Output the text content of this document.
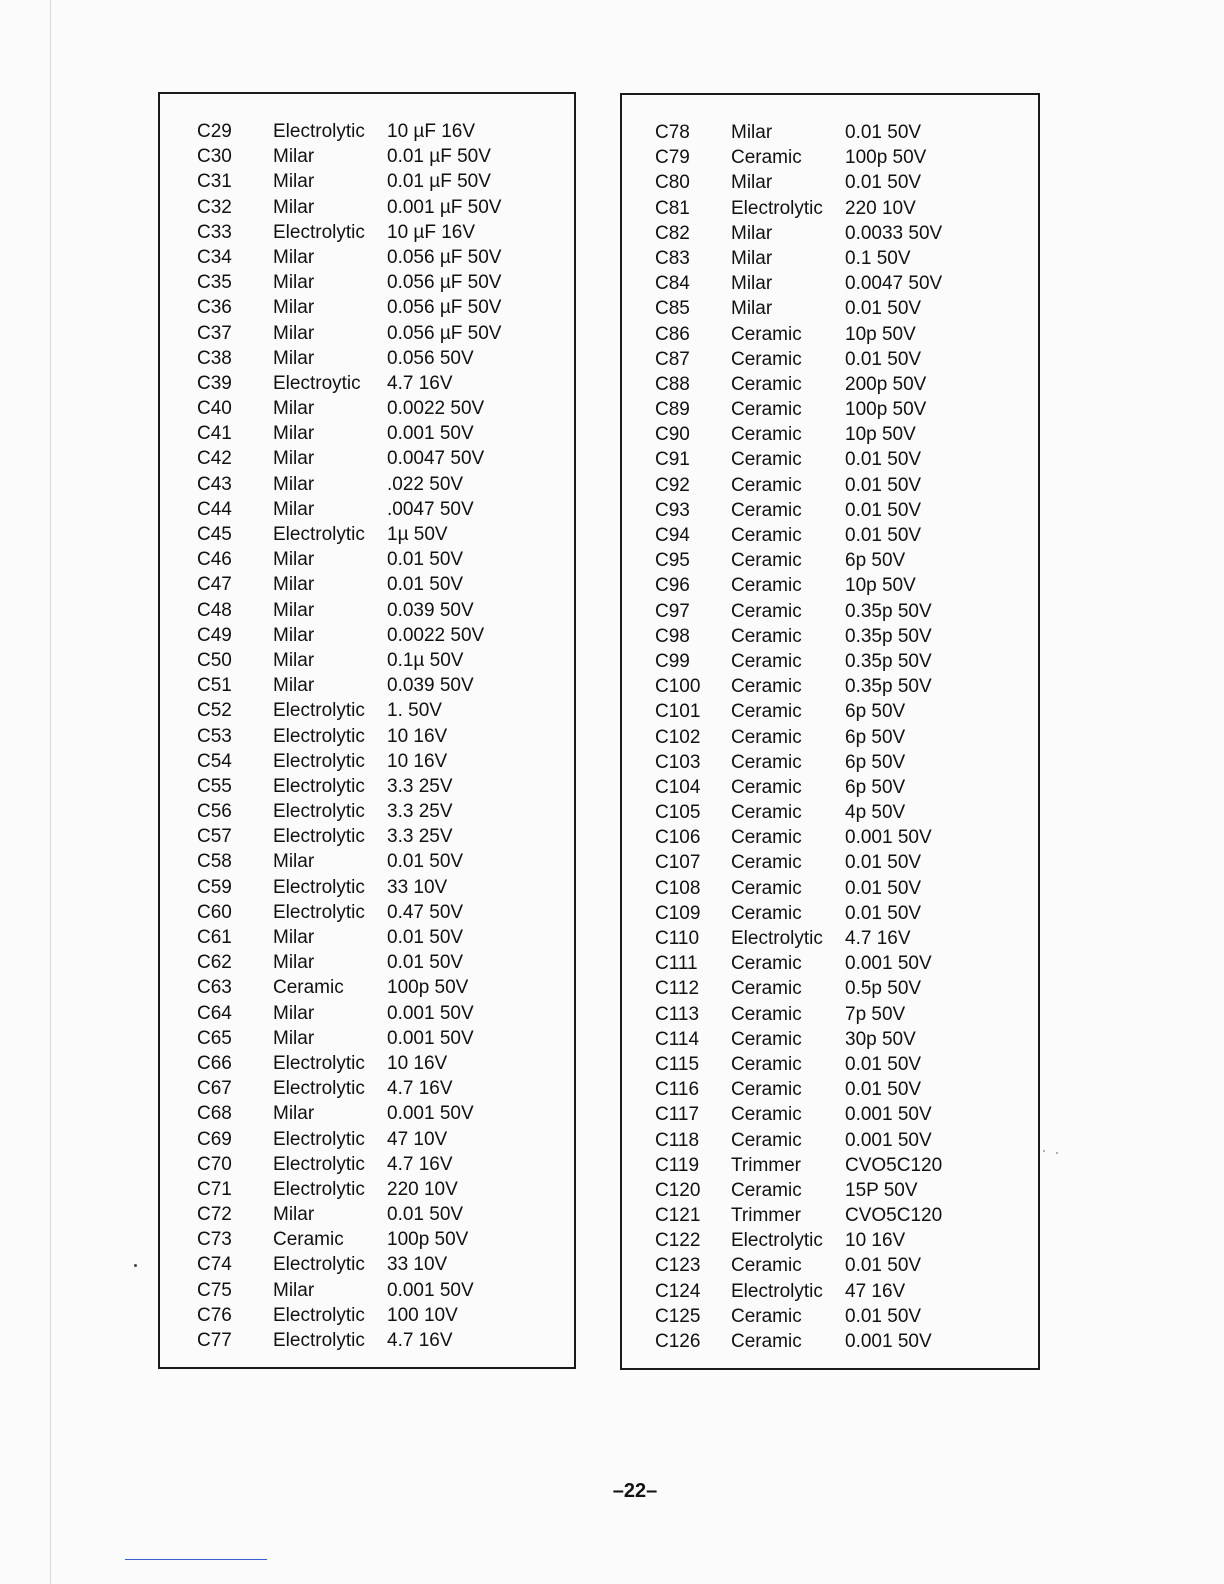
C29 Electrolytic 10 µF 16V
C30 Milar	0.01 µF 50V
C31 Milar	0.01 µF 50V
C32 Milar	0.001 µF 50V
C33 Electrolytic 10 µF 16V
C34 Milar	0.056 µF 50V
C35 Milar	0.056 µF 50V
C36 Milar	0.056 µF 50V
C37 Milar	0.056 µF 50V
C38 Milar	0.056 50V
C39 Electroytic 4.7 16V
C40 Milar	0.0022 50V
C41 Milar	0.001 50V
C42 Milar	0.0047 50V
C43 Milar	.022 50V
C44 Milar	.0047 50V
C45 Electrolytic 1µ 50V
C46 Milar	0.01 50V
C47 Milar	0.01 50V
C48 Milar	0.039 50V
C49 Milar	0.0022 50V
C50 Milar	0.1µ 50V
C51 Milar	0.039 50V
C52 Electrolytic 1. 50V
C53 Electrolytic 10 16V
C54 Electrolytic 10 16V
C55 Electrolytic 3.3 25V
C56 Electrolytic 3.3 25V
C57 Electrolytic 3.3 25V
C58 Milar	0.01 50V
C59 Electrolytic 33 10V
C60 Electrolytic 0.47 50V
C61 Milar	0.01 50V
C62 Milar	0.01 50V
C63 Ceramic 100p 50V
C64 Milar	0.001 50V
C65 Milar	0.001 50V
C66 Electrolytic 10 16V
C67 Electrolytic 4.7 16V
C68 Milar	0.001 50V
C69 Electrolytic 47 10V
C70 Electrolytic 4.7 16V
C71 Electrolytic 220 10V
C72 Milar	0.01 50V
C73 Ceramic 100p 50V
C74 Electrolytic 33 10V
C75 Milar	0.001 50V
C76 Electrolytic 100 10V
C77 Electrolytic 4.7 16V
C78 Milar	0.01 50V
C79 Ceramic 100p 50V
C80 Milar	0.01 50V
C81 Electrolytic 220 10V
C82 Milar	0.0033 50V
C83 Milar	0.1 50V
C84 Milar	0.0047 50V
C85 Milar	0.01 50V
C86 Ceramic 10p 50V
C87 Ceramic 0.01 50V
C88 Ceramic 200p 50V
C89 Ceramic 100p 50V
C90 Ceramic 10p 50V
C91 Ceramic 0.01 50V
C92 Ceramic 0.01 50V
C93 Ceramic 0.01 50V
C94 Ceramic 0.01 50V
C95 Ceramic 6p 50V
C96 Ceramic 10p 50V
C97 Ceramic 0.35p 50V
C98 Ceramic 0.35p 50V
C99 Ceramic 0.35p 50V
C100 Ceramic 0.35p 50V
C101 Ceramic 6p 50V
C102 Ceramic 6p 50V
C103 Ceramic 6p 50V
C104 Ceramic 6p 50V
C105 Ceramic 4p 50V
C106 Ceramic 0.001 50V
C107 Ceramic 0.01 50V
C108 Ceramic 0.01 50V
C109 Ceramic 0.01 50V
C110 Electrolytic 4.7 16V
C111 Ceramic 0.001 50V
C112 Ceramic 0.5p 50V
C113 Ceramic 7p 50V
C114 Ceramic 30p 50V
C115 Ceramic 0.01 50V
C116 Ceramic 0.01 50V
C117 Ceramic 0.001 50V
C118 Ceramic 0.001 50V
C119 Trimmer CVO5C120
C120 Ceramic 15P 50V
C121 Trimmer CVO5C120
C122 Electrolytic 10 16V
C123 Ceramic 0.01 50V
C124 Electrolytic 47 16V
C125 Ceramic 0.01 50V
C126 Ceramic 0.001 50V
–22–
